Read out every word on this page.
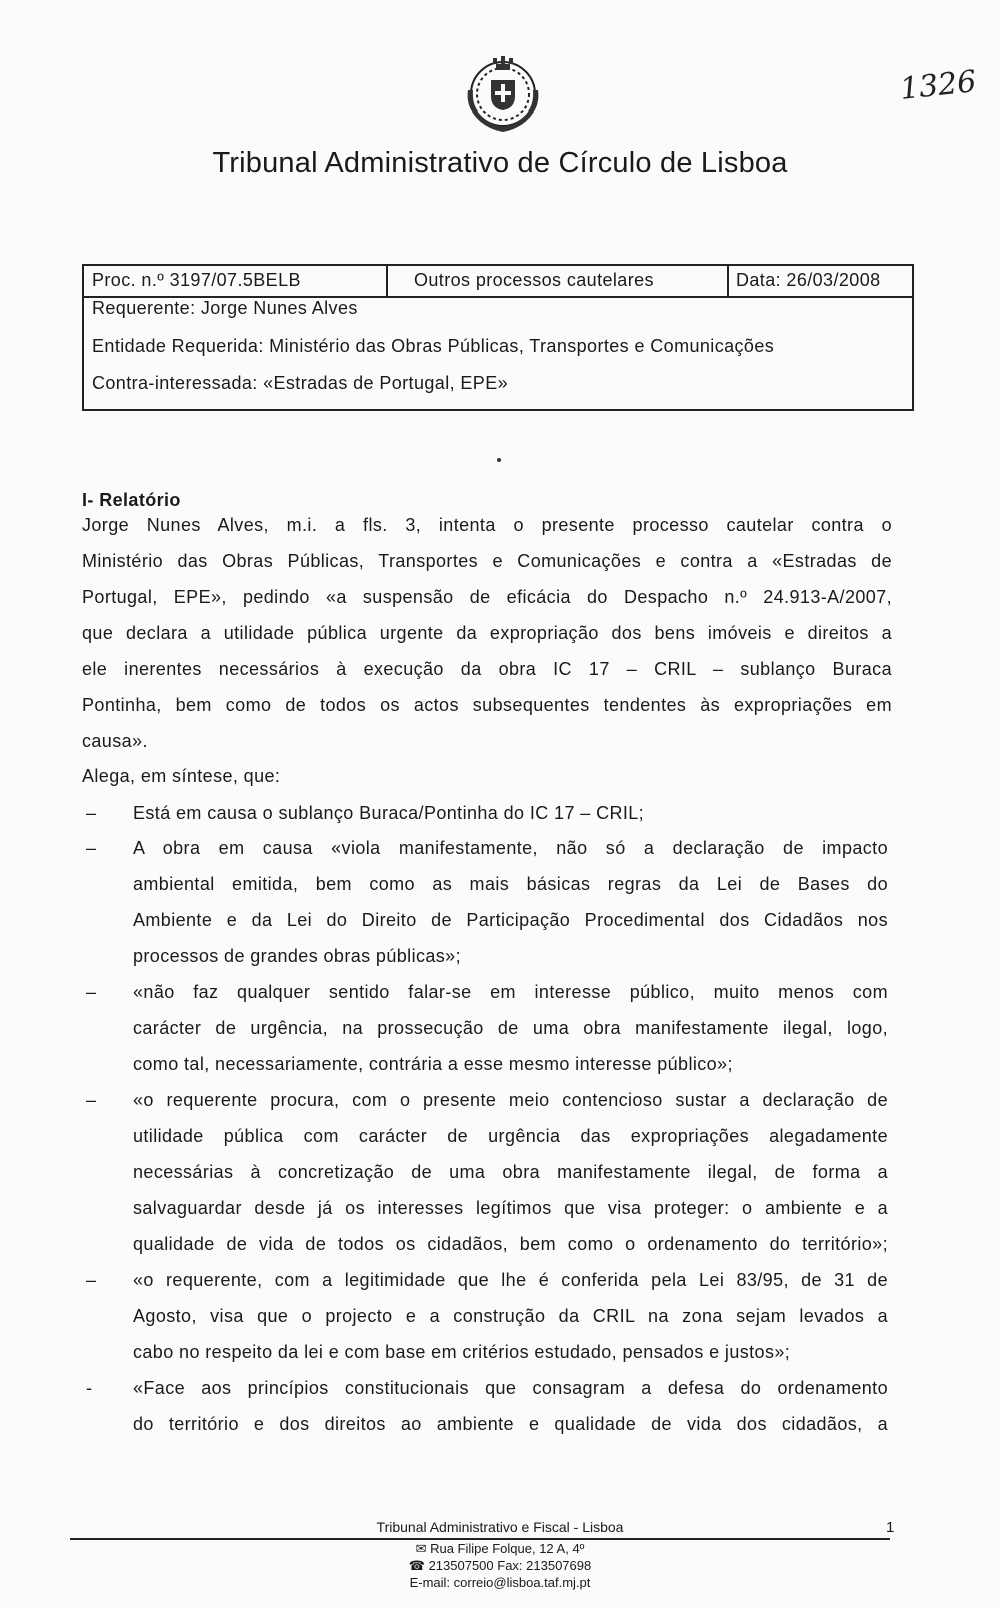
1326
Tribunal Administrativo de Círculo de Lisboa
Proc. n.º 3197/07.5BELB	Outros processos cautelares	Data: 26/03/2008
Requerente: Jorge Nunes Alves
Entidade Requerida: Ministério das Obras Públicas, Transportes e Comunicações
Contra-interessada: «Estradas de Portugal, EPE»
I- Relatório
Jorge Nunes Alves, m.i. a fls. 3, intenta o presente processo cautelar contra o
Ministério das Obras Públicas, Transportes e Comunicações e contra a «Estradas de
Portugal, EPE», pedindo «a suspensão de eficácia do Despacho n.º 24.913-A/2007,
que declara a utilidade pública urgente da expropriação dos bens imóveis e direitos a
ele inerentes necessários à execução da obra IC 17 – CRIL – sublanço Buraca
Pontinha, bem como de todos os actos subsequentes tendentes às expropriações em
causa».
Alega, em síntese, que:
– Está em causa o sublanço Buraca/Pontinha do IC 17 – CRIL;
– A obra em causa «viola manifestamente, não só a declaração de impacto
ambiental emitida, bem como as mais básicas regras da Lei de Bases do
Ambiente e da Lei do Direito de Participação Procedimental dos Cidadãos nos
processos de grandes obras públicas»;
– «não faz qualquer sentido falar-se em interesse público, muito menos com
carácter de urgência, na prossecução de uma obra manifestamente ilegal, logo,
como tal, necessariamente, contrária a esse mesmo interesse público»;
– «o requerente procura, com o presente meio contencioso sustar a declaração de
utilidade pública com carácter de urgência das expropriações alegadamente
necessárias à concretização de uma obra manifestamente ilegal, de forma a
salvaguardar desde já os interesses legítimos que visa proteger: o ambiente e a
qualidade de vida de todos os cidadãos, bem como o ordenamento do território»;
– «o requerente, com a legitimidade que lhe é conferida pela Lei 83/95, de 31 de
Agosto, visa que o projecto e a construção da CRIL na zona sejam levados a
cabo no respeito da lei e com base em critérios estudado, pensados e justos»;
- «Face aos princípios constitucionais que consagram a defesa do ordenamento
do território e dos direitos ao ambiente e qualidade de vida dos cidadãos, a
Tribunal Administrativo e Fiscal - Lisboa	1
✉ Rua Filipe Folque, 12 A, 4º
☎ 213507500 Fax: 213507698
E-mail: correio@lisboa.taf.mj.pt
